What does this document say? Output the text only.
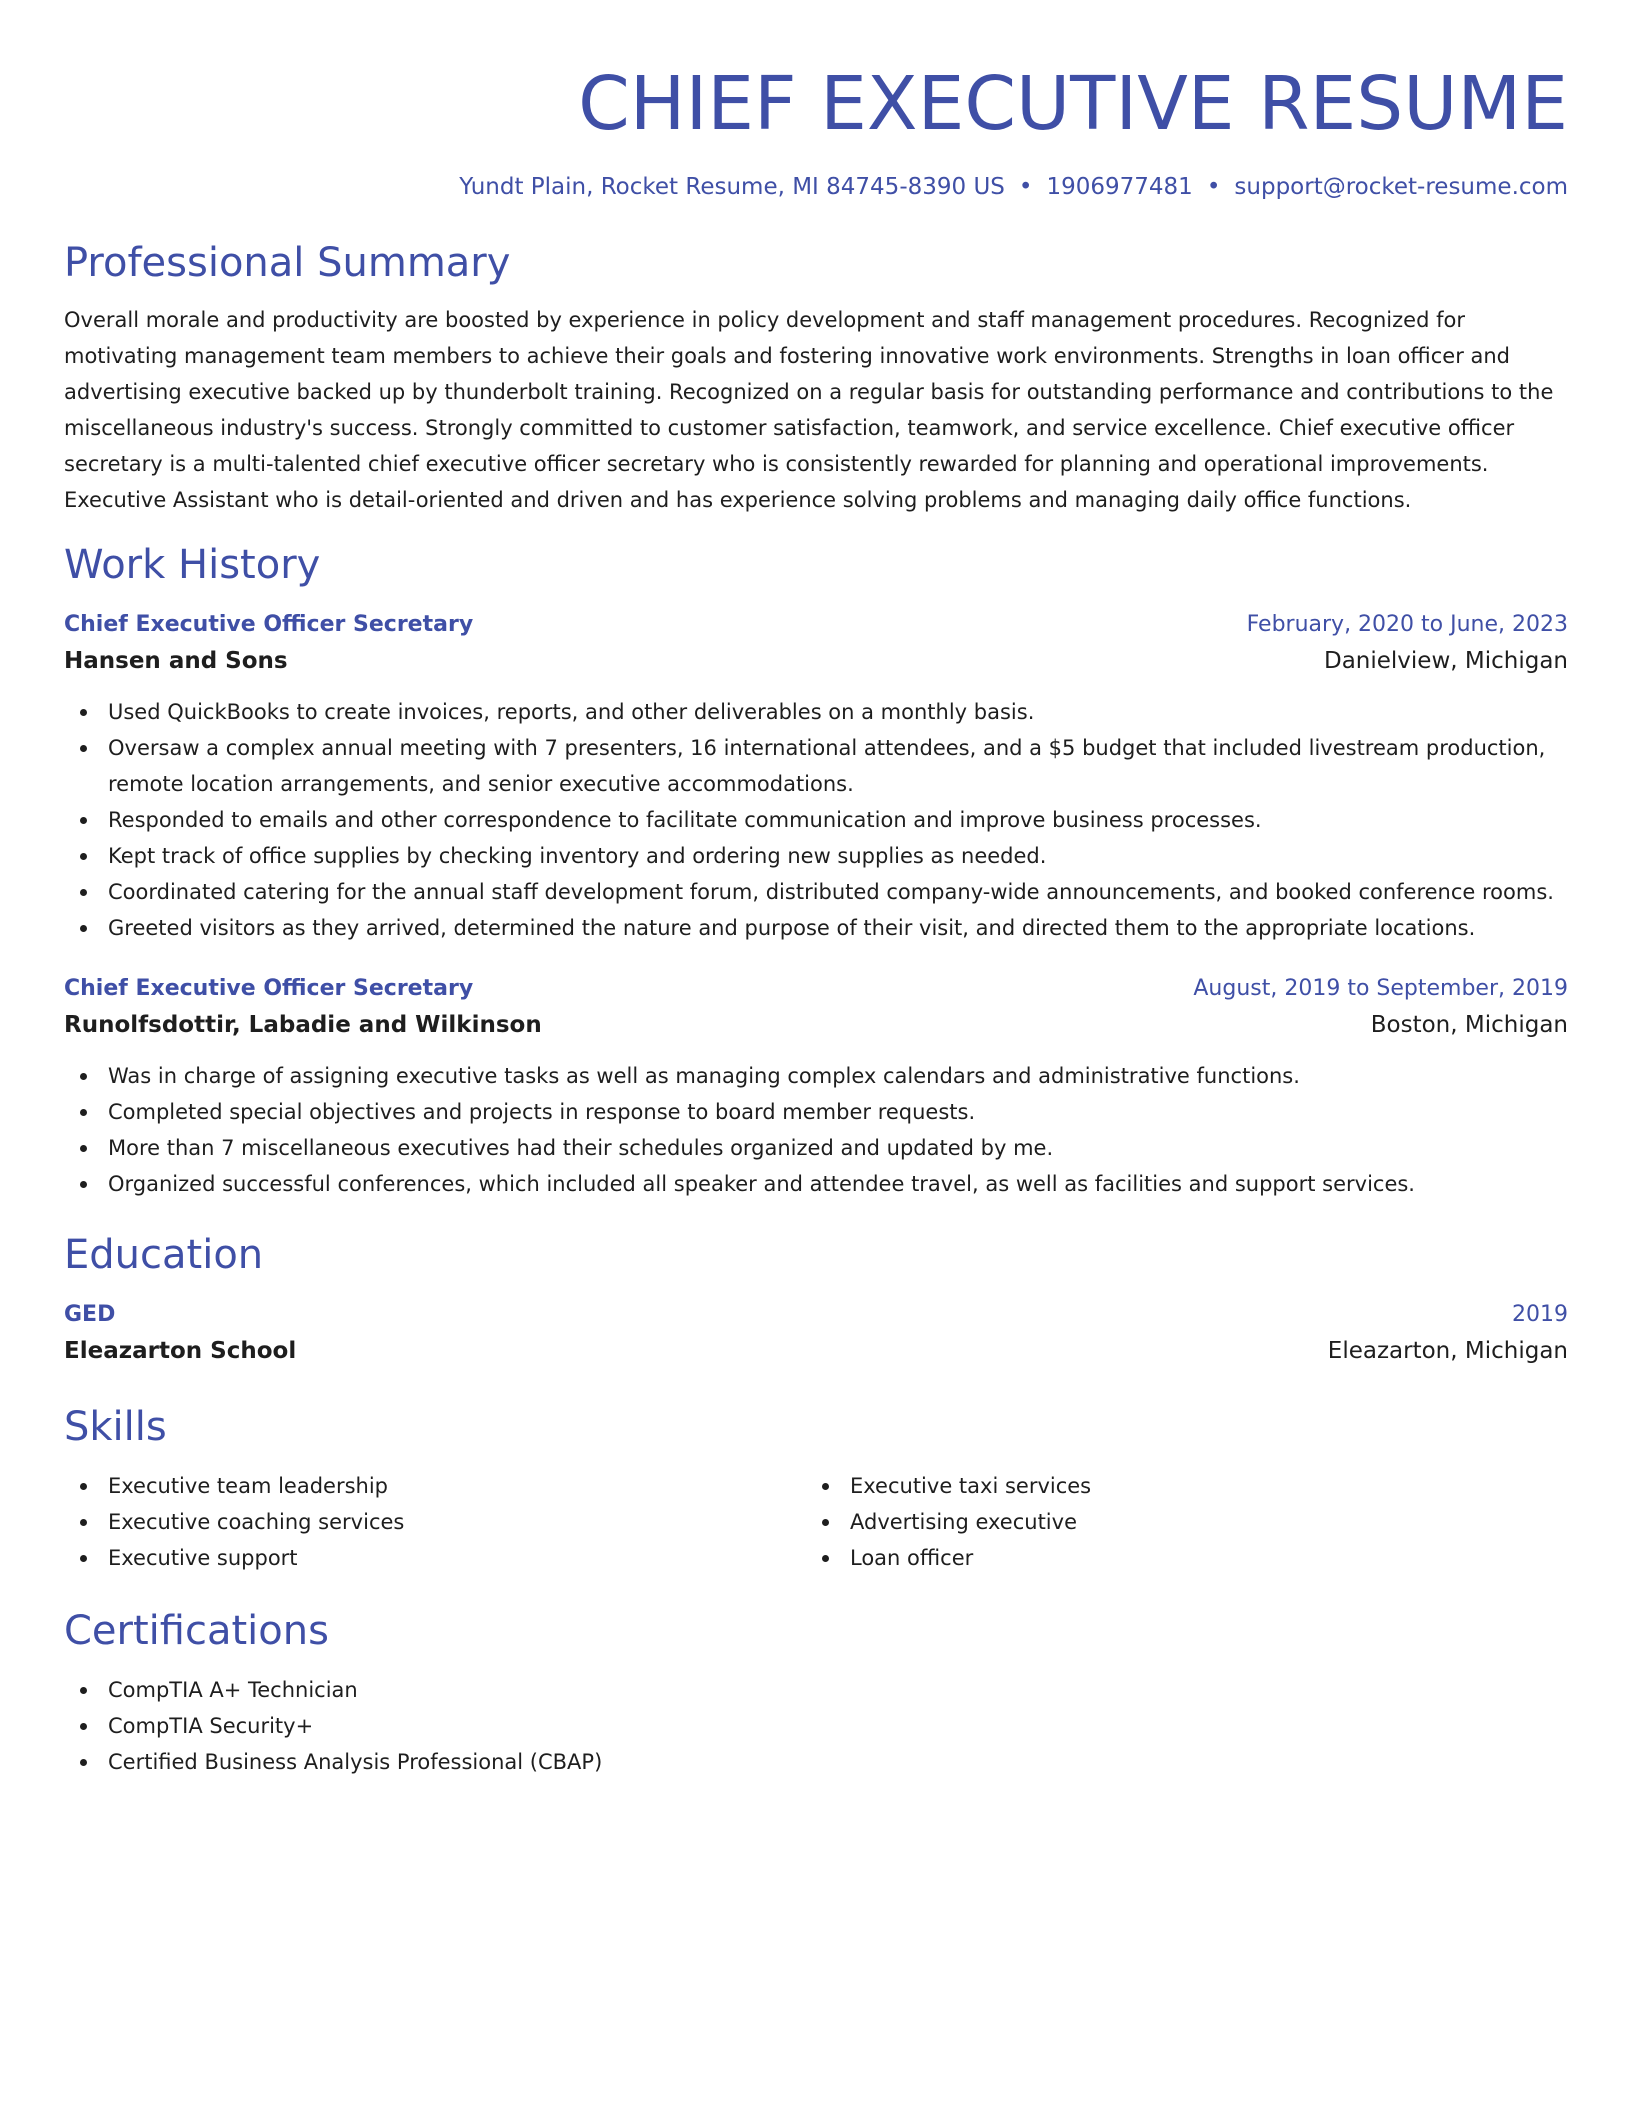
CHIEF EXECUTIVE RESUME
Yundt Plain, Rocket Resume, MI 84745-8390 US • 1906977481 • support@rocket-resume.com
Professional Summary

Overall morale and productivity are boosted by experience in policy development and staff management procedures. Recognized for motivating management team members to achieve their goals and fostering innovative work environments. Strengths in loan officer and advertising executive backed up by thunderbolt training. Recognized on a regular basis for outstanding performance and contributions to the miscellaneous industry's success. Strongly committed to customer satisfaction, teamwork, and service excellence. Chief executive officer secretary is a multi-talented chief executive officer secretary who is consistently rewarded for planning and operational improvements. Executive Assistant who is detail-oriented and driven and has experience solving problems and managing daily office functions.

Work History
Chief Executive Officer Secretary	February, 2020 to June, 2023
Hansen and Sons	Danielview, Michigan
Used QuickBooks to create invoices, reports, and other deliverables on a monthly basis.
Oversaw a complex annual meeting with 7 presenters, 16 international attendees, and a $5 budget that included livestream production, remote location arrangements, and senior executive accommodations.
Responded to emails and other correspondence to facilitate communication and improve business processes.
Kept track of office supplies by checking inventory and ordering new supplies as needed.
Coordinated catering for the annual staff development forum, distributed company-wide announcements, and booked conference rooms.
Greeted visitors as they arrived, determined the nature and purpose of their visit, and directed them to the appropriate locations.
Chief Executive Officer Secretary	August, 2019 to September, 2019
Runolfsdottir, Labadie and Wilkinson	Boston, Michigan
Was in charge of assigning executive tasks as well as managing complex calendars and administrative functions.
Completed special objectives and projects in response to board member requests.
More than 7 miscellaneous executives had their schedules organized and updated by me.
Organized successful conferences, which included all speaker and attendee travel, as well as facilities and support services.
Education
GED	2019
Eleazarton School	Eleazarton, Michigan
Skills
Executive team leadership
Executive coaching services
Executive support
Executive taxi services
Advertising executive
Loan officer
Certifications
CompTIA A+ Technician
CompTIA Security+
Certified Business Analysis Professional (CBAP)
